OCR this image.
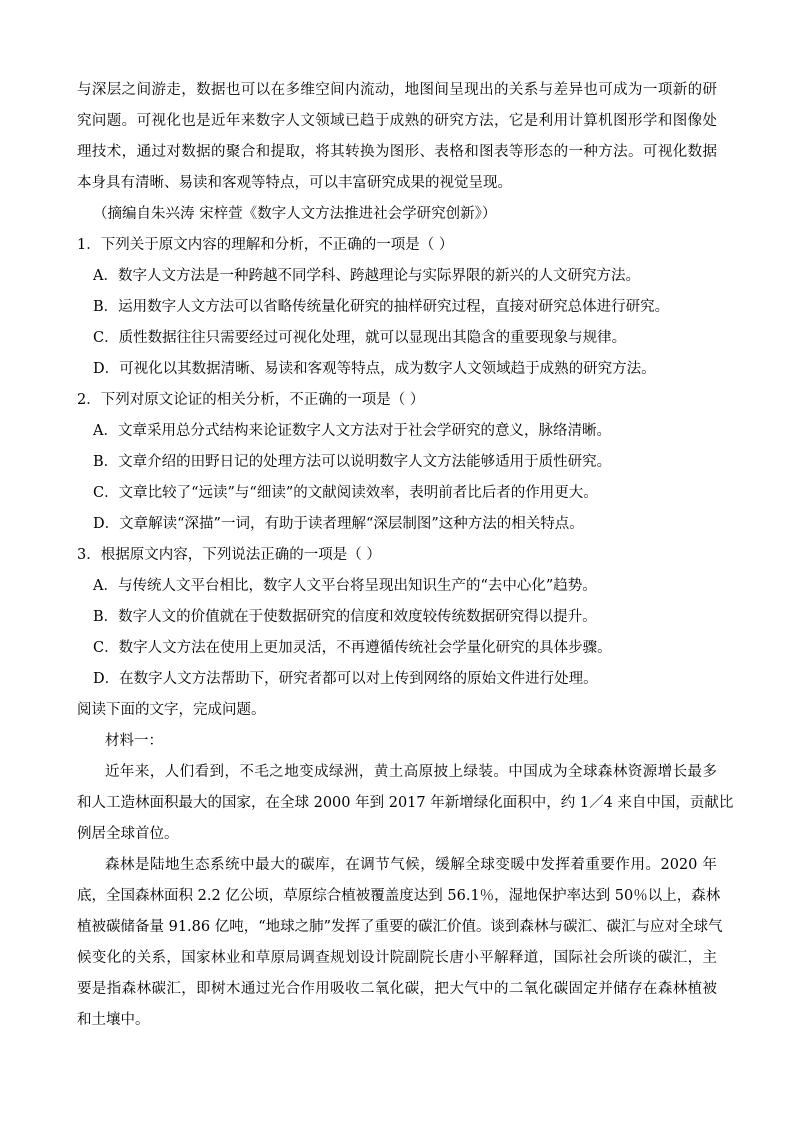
与深层之间游走，数据也可以在多维空间内流动，地图间呈现出的关系与差异也可成为一项新的研
究问题。可视化也是近年来数字人文领域已趋于成熟的研究方法，它是利用计算机图形学和图像处
理技术，通过对数据的聚合和提取，将其转换为图形、表格和图表等形态的一种方法。可视化数据
本身具有清晰、易读和客观等特点，可以丰富研究成果的视觉呈现。
（摘编自朱兴涛 宋梓萱《数字人文方法推进社会学研究创新》）
1．下列关于原文内容的理解和分析，不正确的一项是（ ）
A．数字人文方法是一种跨越不同学科、跨越理论与实际界限的新兴的人文研究方法。
B．运用数字人文方法可以省略传统量化研究的抽样研究过程，直接对研究总体进行研究。
C．质性数据往往只需要经过可视化处理，就可以显现出其隐含的重要现象与规律。
D．可视化以其数据清晰、易读和客观等特点，成为数字人文领域趋于成熟的研究方法。
2．下列对原文论证的相关分析，不正确的一项是（ ）
A．文章采用总分式结构来论证数字人文方法对于社会学研究的意义，脉络清晰。
B．文章介绍的田野日记的处理方法可以说明数字人文方法能够适用于质性研究。
C．文章比较了“远读”与“细读”的文献阅读效率，表明前者比后者的作用更大。
D．文章解读“深描”一词，有助于读者理解“深层制图”这种方法的相关特点。
3．根据原文内容，下列说法正确的一项是（ ）
A．与传统人文平台相比，数字人文平台将呈现出知识生产的“去中心化”趋势。
B．数字人文的价值就在于使数据研究的信度和效度较传统数据研究得以提升。
C．数字人文方法在使用上更加灵活，不再遵循传统社会学量化研究的具体步骤。
D．在数字人文方法帮助下，研究者都可以对上传到网络的原始文件进行处理。
阅读下面的文字，完成问题。
材料一：
近年来，人们看到，不毛之地变成绿洲，黄土高原披上绿装。中国成为全球森林资源增长最多
和人工造林面积最大的国家，在全球 2000 年到 2017 年新增绿化面积中，约 1／4 来自中国，贡献比
例居全球首位。
森林是陆地生态系统中最大的碳库，在调节气候，缓解全球变暖中发挥着重要作用。2020 年
底，全国森林面积 2.2 亿公顷，草原综合植被覆盖度达到 56.1％，湿地保护率达到 50％以上，森林
植被碳储备量 91.86 亿吨，“地球之肺”发挥了重要的碳汇价值。谈到森林与碳汇、碳汇与应对全球气
候变化的关系，国家林业和草原局调查规划设计院副院长唐小平解释道，国际社会所谈的碳汇，主
要是指森林碳汇，即树木通过光合作用吸收二氧化碳，把大气中的二氧化碳固定并储存在森林植被
和土壤中。
